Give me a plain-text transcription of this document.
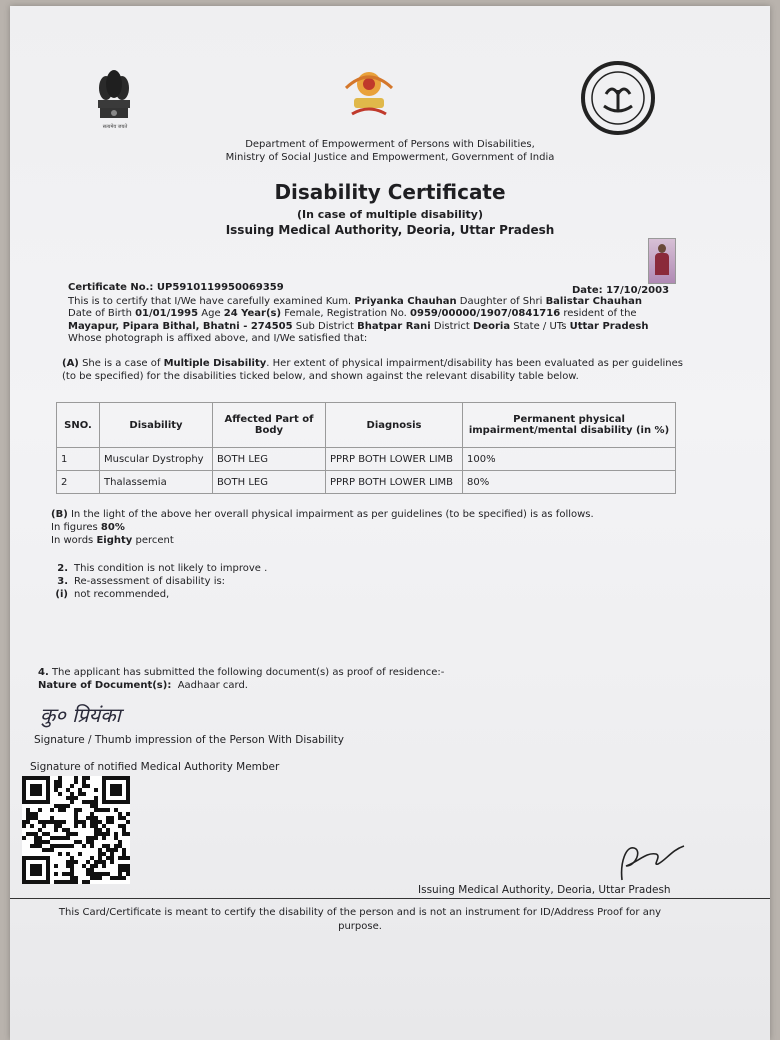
सत्यमेव जयते
Department of Empowerment of Persons with Disabilities,
Ministry of Social Justice and Empowerment, Government of India
Disability Certificate
(In case of multiple disability)
Issuing Medical Authority, Deoria, Uttar Pradesh
Certificate No.: UP5910119950069359	Date: 17/10/2003
This is to certify that I/We have carefully examined Kum. Priyanka Chauhan Daughter of Shri Balistar Chauhan
Date of Birth 01/01/1995 Age 24 Year(s) Female, Registration No. 0959/00000/1907/0841716 resident of the
Mayapur, Pipara Bithal, Bhatni - 274505 Sub District Bhatpar Rani District Deoria State / UTs Uttar Pradesh
Whose photograph is affixed above, and I/We satisfied that:
(A) She is a case of Multiple Disability. Her extent of physical impairment/disability has been evaluated as per guidelines (to be specified) for the disabilities ticked below, and shown against the relevant disability table below.
SNO.	Disability	Affected Part of Body	Diagnosis	Permanent physical impairment/mental disability (in %)
1	Muscular Dystrophy	BOTH LEG	PPRP BOTH LOWER LIMB	100%
2	Thalassemia	BOTH LEG	PPRP BOTH LOWER LIMB	80%
(B) In the light of the above her overall physical impairment as per guidelines (to be specified) is as follows.
In figures 80%
In words Eighty percent
2. This condition is not likely to improve .
3. Re-assessment of disability is:
(i) not recommended,
4. The applicant has submitted the following document(s) as proof of residence:-
Nature of Document(s): Aadhaar card.
कु० प्रियंका
Signature / Thumb impression of the Person With Disability
Signature of notified Medical Authority Member
Issuing Medical Authority, Deoria, Uttar Pradesh
This Card/Certificate is meant to certify the disability of the person and is not an instrument for ID/Address Proof for any
purpose.
